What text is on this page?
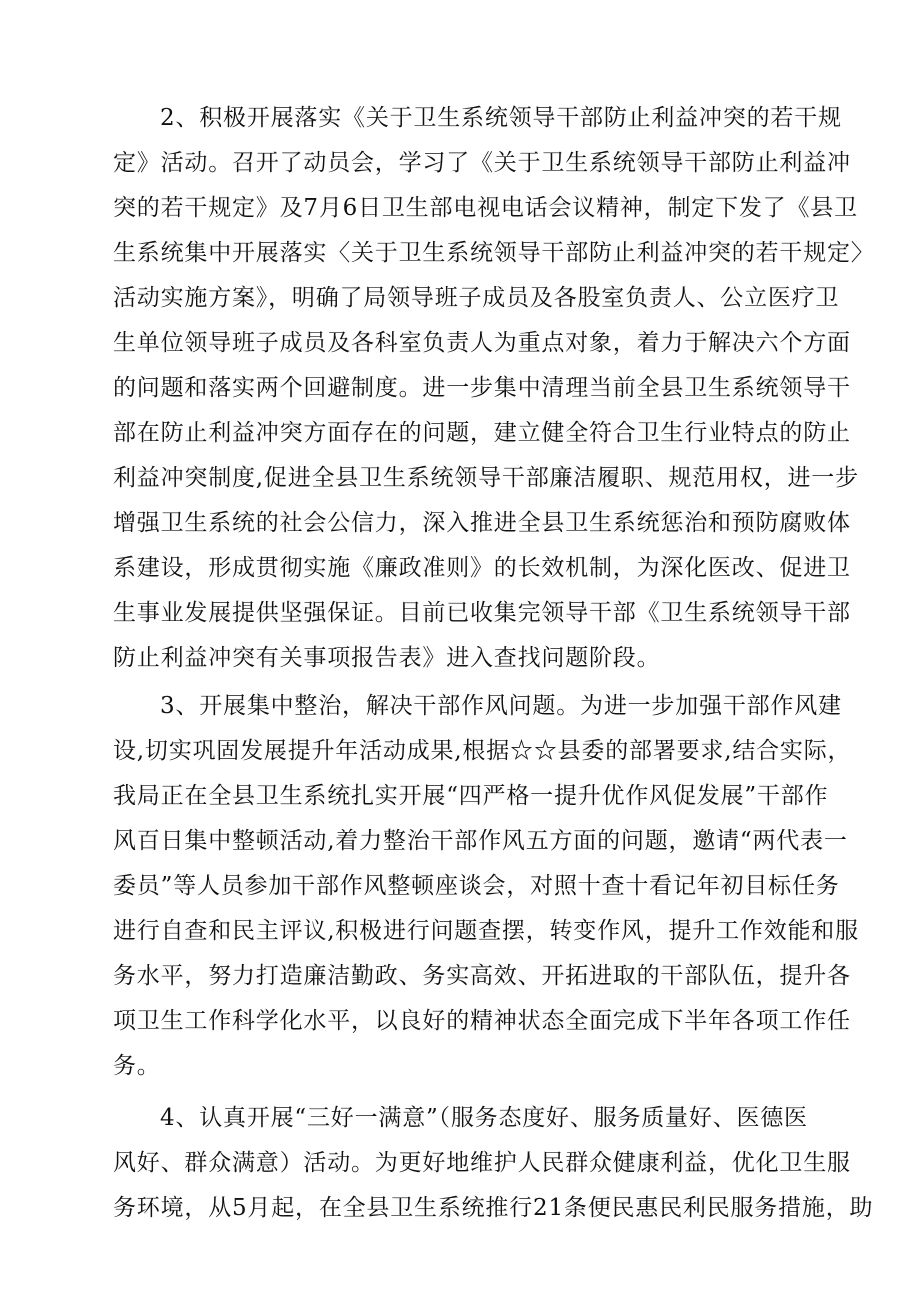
2、积极开展落实《关于卫生系统领导干部防止利益冲突的若干规

定》活动。召开了动员会，学习了《关于卫生系统领导干部防止利益冲

突的若干规定》及7月6日卫生部电视电话会议精神，制定下发了《县卫

生系统集中开展落实〈关于卫生系统领导干部防止利益冲突的若干规定〉

活动实施方案》，明确了局领导班子成员及各股室负责人、公立医疗卫

生单位领导班子成员及各科室负责人为重点对象，着力于解决六个方面

的问题和落实两个回避制度。进一步集中清理当前全县卫生系统领导干

部在防止利益冲突方面存在的问题，建立健全符合卫生行业特点的防止

利益冲突制度,促进全县卫生系统领导干部廉洁履职、规范用权，进一步

增强卫生系统的社会公信力，深入推进全县卫生系统惩治和预防腐败体

系建设，形成贯彻实施《廉政准则》的长效机制，为深化医改、促进卫

生事业发展提供坚强保证。目前已收集完领导干部《卫生系统领导干部

防止利益冲突有关事项报告表》进入查找问题阶段。

3、开展集中整治，解决干部作风问题。为进一步加强干部作风建

设,切实巩固发展提升年活动成果,根据☆☆县委的部署要求,结合实际，

我局正在全县卫生系统扎实开展“四严格一提升优作风促发展”干部作

风百日集中整顿活动,着力整治干部作风五方面的问题，邀请“两代表一

委员”等人员参加干部作风整顿座谈会，对照十查十看记年初目标任务

进行自查和民主评议,积极进行问题查摆，转变作风，提升工作效能和服

务水平，努力打造廉洁勤政、务实高效、开拓进取的干部队伍，提升各

项卫生工作科学化水平，以良好的精神状态全面完成下半年各项工作任

务。

4、认真开展“三好一满意”（服务态度好、服务质量好、医德医

风好、群众满意）活动。为更好地维护人民群众健康利益，优化卫生服

务环境，从5月起，在全县卫生系统推行21条便民惠民利民服务措施，助
